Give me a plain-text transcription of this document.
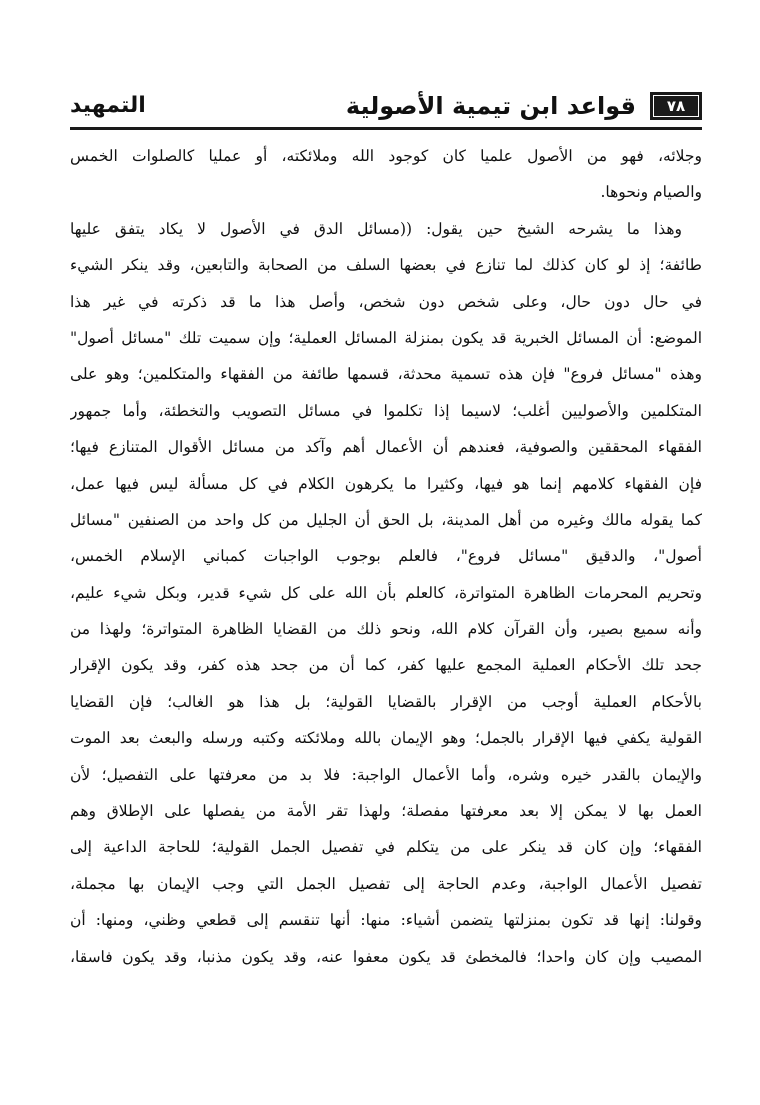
٧٨
قواعد ابن تيمية الأصولية
التمهيد
وجلائه، فهو من الأصول علميا كان كوجود الله وملائكته، أو عمليا كالصلوات الخمس
والصيام ونحوها.
وهذا ما يشرحه الشيخ حين يقول: ((مسائل الدق في الأصول لا يكاد يتفق عليها
طائفة؛ إذ لو كان كذلك لما تنازع في بعضها السلف من الصحابة والتابعين، وقد ينكر الشيء
في حال دون حال، وعلى شخص دون شخص، وأصل هذا ما قد ذكرته في غير هذا
الموضع: أن المسائل الخبرية قد يكون بمنزلة المسائل العملية؛ وإن سميت تلك "مسائل أصول"
وهذه "مسائل فروع" فإن هذه تسمية محدثة، قسمها طائفة من الفقهاء والمتكلمين؛ وهو على
المتكلمين والأصوليين أغلب؛ لاسيما إذا تكلموا في مسائل التصويب والتخطئة، وأما جمهور
الفقهاء المحققين والصوفية، فعندهم أن الأعمال أهم وآكد من مسائل الأقوال المتنازع فيها؛
فإن الفقهاء كلامهم إنما هو فيها، وكثيرا ما يكرهون الكلام في كل مسألة ليس فيها عمل،
كما يقوله مالك وغيره من أهل المدينة، بل الحق أن الجليل من كل واحد من الصنفين "مسائل
أصول"، والدقيق "مسائل فروع"، فالعلم بوجوب الواجبات كمباني الإسلام الخمس،
وتحريم المحرمات الظاهرة المتواترة، كالعلم بأن الله على كل شيء قدير، وبكل شيء عليم،
وأنه سميع بصير، وأن القرآن كلام الله، ونحو ذلك من القضايا الظاهرة المتواترة؛ ولهذا من
جحد تلك الأحكام العملية المجمع عليها كفر، كما أن من جحد هذه كفر، وقد يكون الإقرار
بالأحكام العملية أوجب من الإقرار بالقضايا القولية؛ بل هذا هو الغالب؛ فإن القضايا
القولية يكفي فيها الإقرار بالجمل؛ وهو الإيمان بالله وملائكته وكتبه ورسله والبعث بعد الموت
والإيمان بالقدر خيره وشره، وأما الأعمال الواجبة: فلا بد من معرفتها على التفصيل؛ لأن
العمل بها لا يمكن إلا بعد معرفتها مفصلة؛ ولهذا تقر الأمة من يفصلها على الإطلاق وهم
الفقهاء؛ وإن كان قد ينكر على من يتكلم في تفصيل الجمل القولية؛ للحاجة الداعية إلى
تفصيل الأعمال الواجبة، وعدم الحاجة إلى تفصيل الجمل التي وجب الإيمان بها مجملة،
وقولنا: إنها قد تكون بمنزلتها يتضمن أشياء: منها: أنها تنقسم إلى قطعي وظني، ومنها: أن
المصيب وإن كان واحدا؛ فالمخطئ قد يكون معفوا عنه، وقد يكون مذنبا، وقد يكون فاسقا،
